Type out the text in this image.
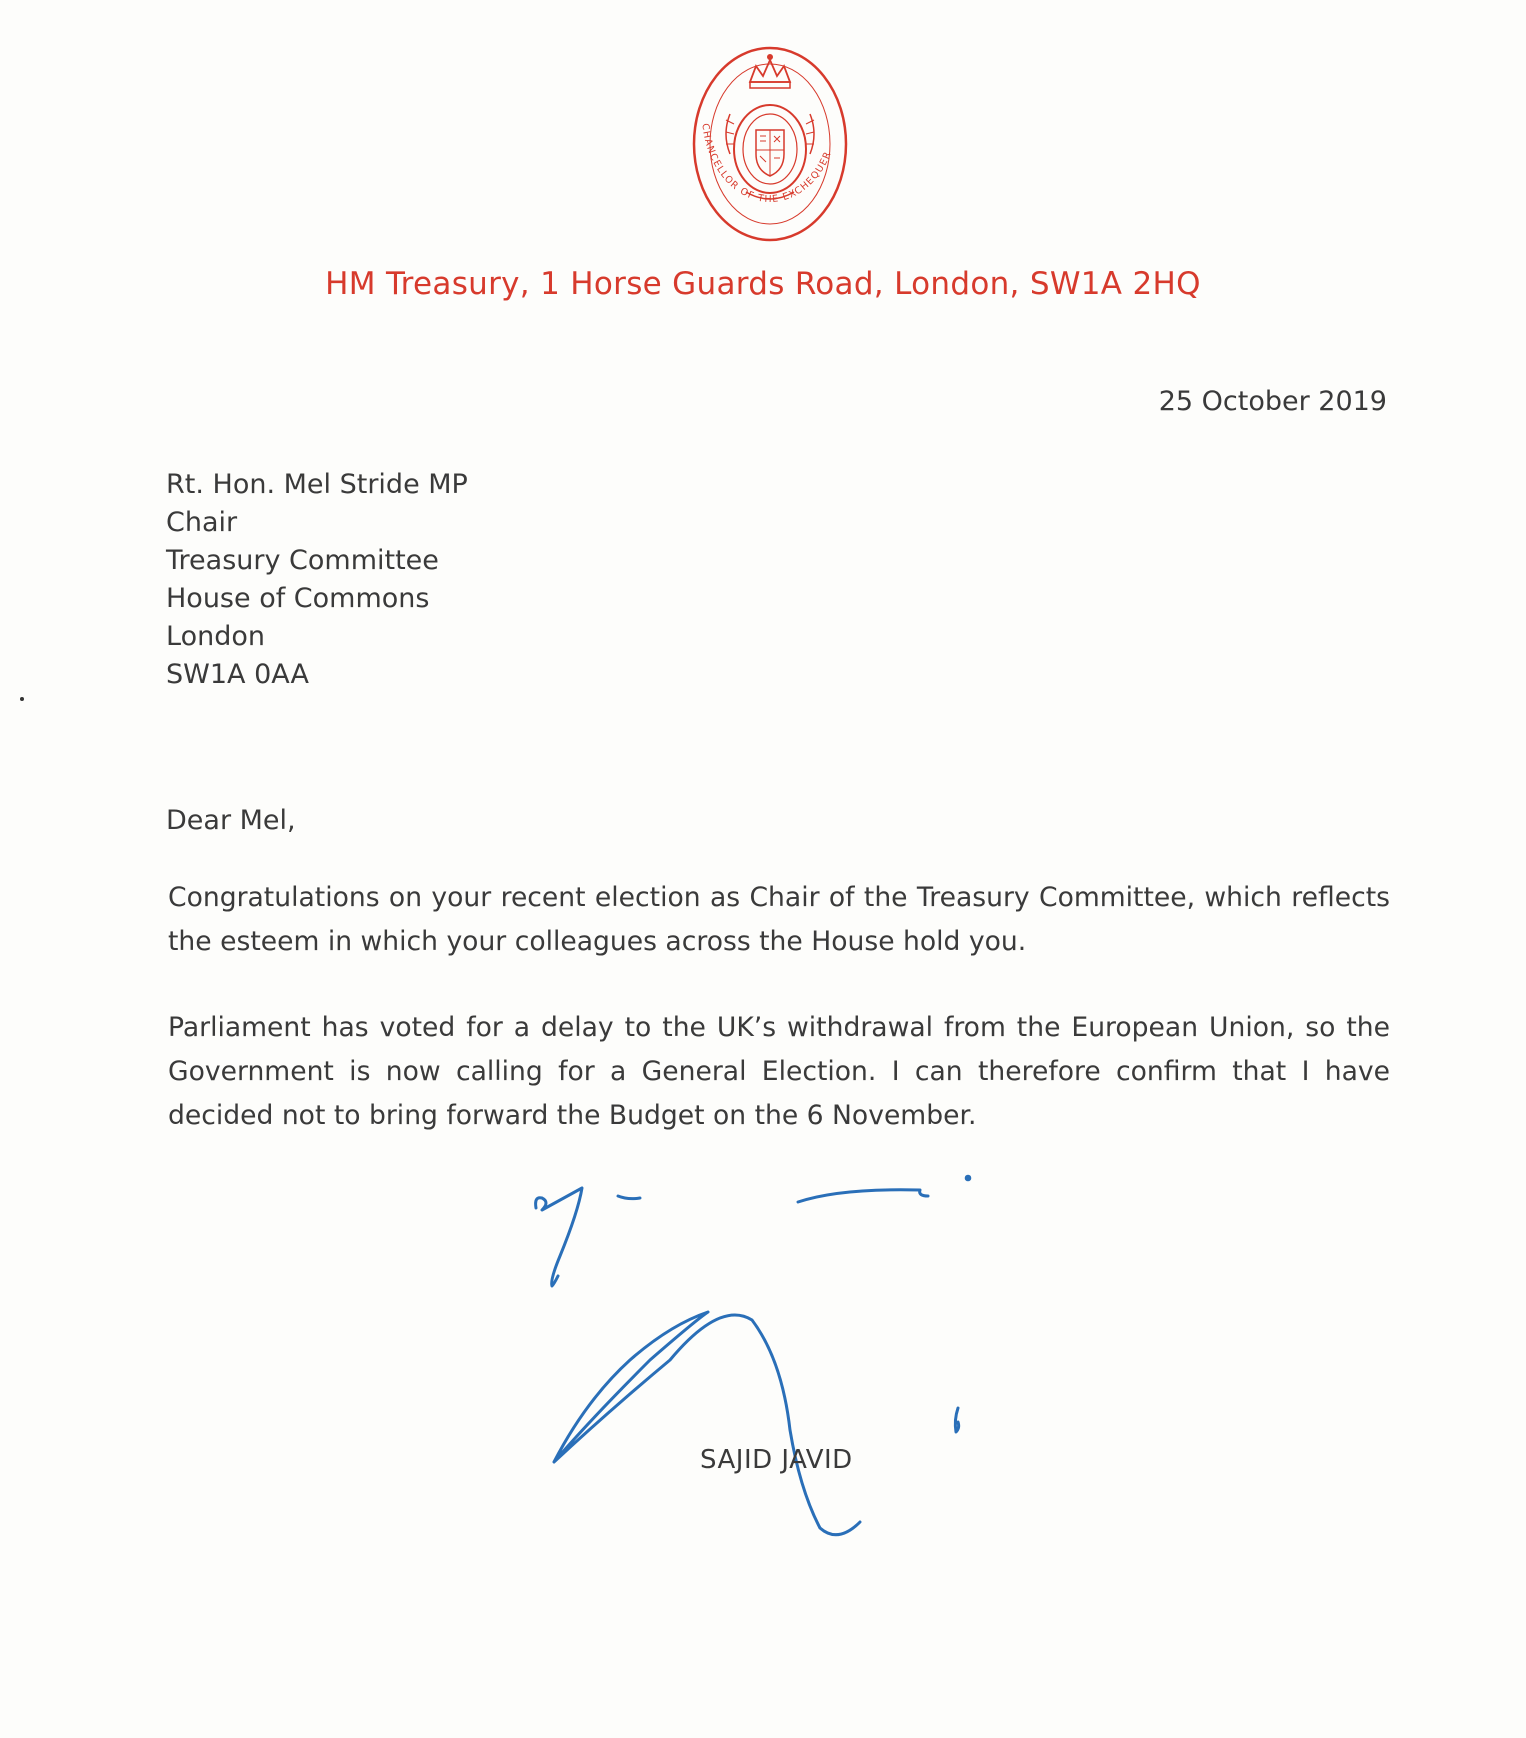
CHANCELLOR OF THE EXCHEQUER
HM Treasury, 1 Horse Guards Road, London, SW1A 2HQ
25 October 2019
Rt. Hon. Mel Stride MP
Chair
Treasury Committee
House of Commons
London
SW1A 0AA
Dear Mel,
Congratulations on your recent election as Chair of the Treasury Committee, which reflects the esteem in which your colleagues across the House hold you.
Parliament has voted for a delay to the UK’s withdrawal from the European Union, so the Government is now calling for a General Election. I can therefore confirm that I have decided not to bring forward the Budget on the 6 November.
SAJID JAVID
